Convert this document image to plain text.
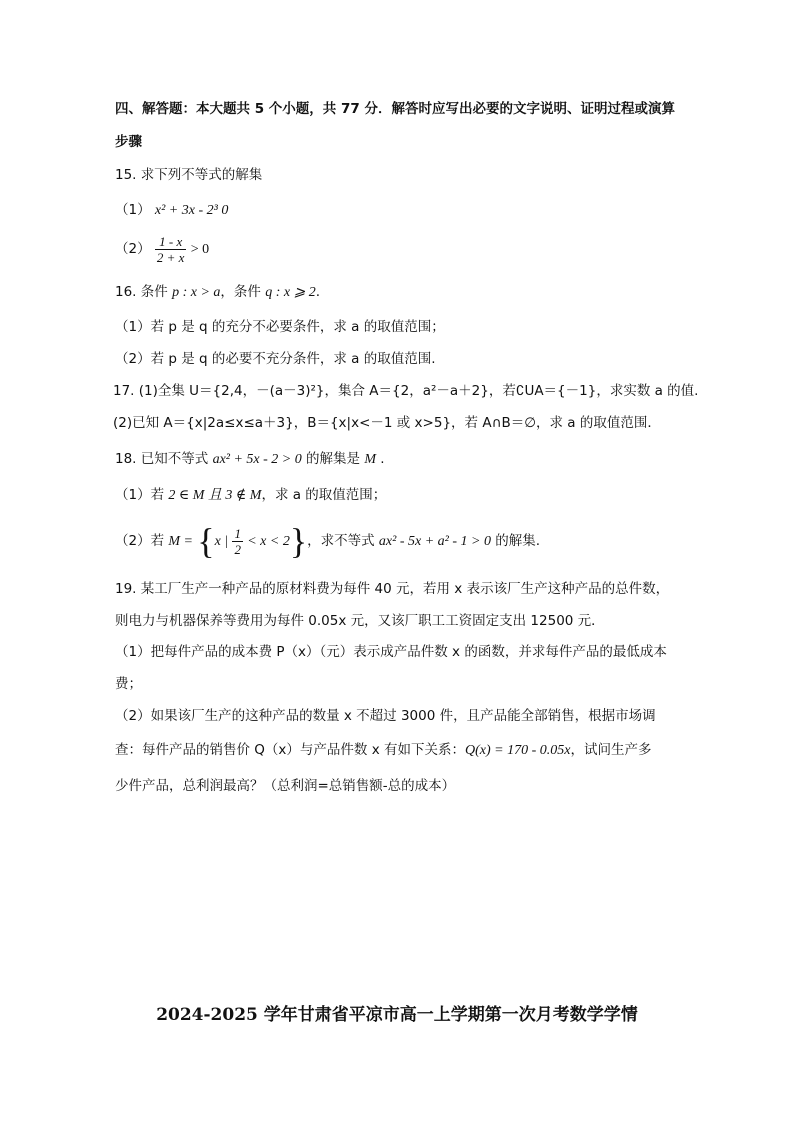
四、解答题：本大题共 5 个小题，共 77 分．解答时应写出必要的文字说明、证明过程或演算
步骤
15. 求下列不等式的解集
（1） x² + 3x - 2³ 0
$(2) \frac{1 - x}{2 + x} > 0$
16. 条件 p : x > a，条件 q : x ⩾ 2.
（1）若 p 是 q 的充分不必要条件，求 a 的取值范围；
（2）若 p 是 q 的必要不充分条件，求 a 的取值范围.
17. (1)全集 U＝{2,4，－(a－3)²}，集合 A＝{2，a²－a＋2}，若∁UA＝{－1}，求实数 a 的值.
(2)已知 A＝{x|2a≤x≤a＋3}，B＝{x|x<－1 或 x>5}，若 A∩B＝∅，求 a 的取值范围．
18. 已知不等式 ax² + 5x - 2 > 0 的解集是 M .
（1）若 2 ∈ M 且 3 ∉ M，求 a 的取值范围；
（2）若 M = {x | $\frac{1}{2} < x < 2$}，求不等式 ax² - 5x + a² - 1 > 0 的解集.
19. 某工厂生产一种产品的原材料费为每件 40 元，若用 x 表示该厂生产这种产品的总件数，
则电力与机器保养等费用为每件 0.05x 元，又该厂职工工资固定支出 12500 元．
（1）把每件产品的成本费 P（x）（元）表示成产品件数 x 的函数，并求每件产品的最低成本
费；
（2）如果该厂生产的这种产品的数量 x 不超过 3000 件，且产品能全部销售，根据市场调
查：每件产品的销售价 Q（x）与产品件数 x 有如下关系：Q(x) = 170 - 0.05x，试问生产多
少件产品，总利润最高？（总利润=总销售额-总的成本）
2024-2025 学年甘肃省平凉市高一上学期第一次月考数学学情
